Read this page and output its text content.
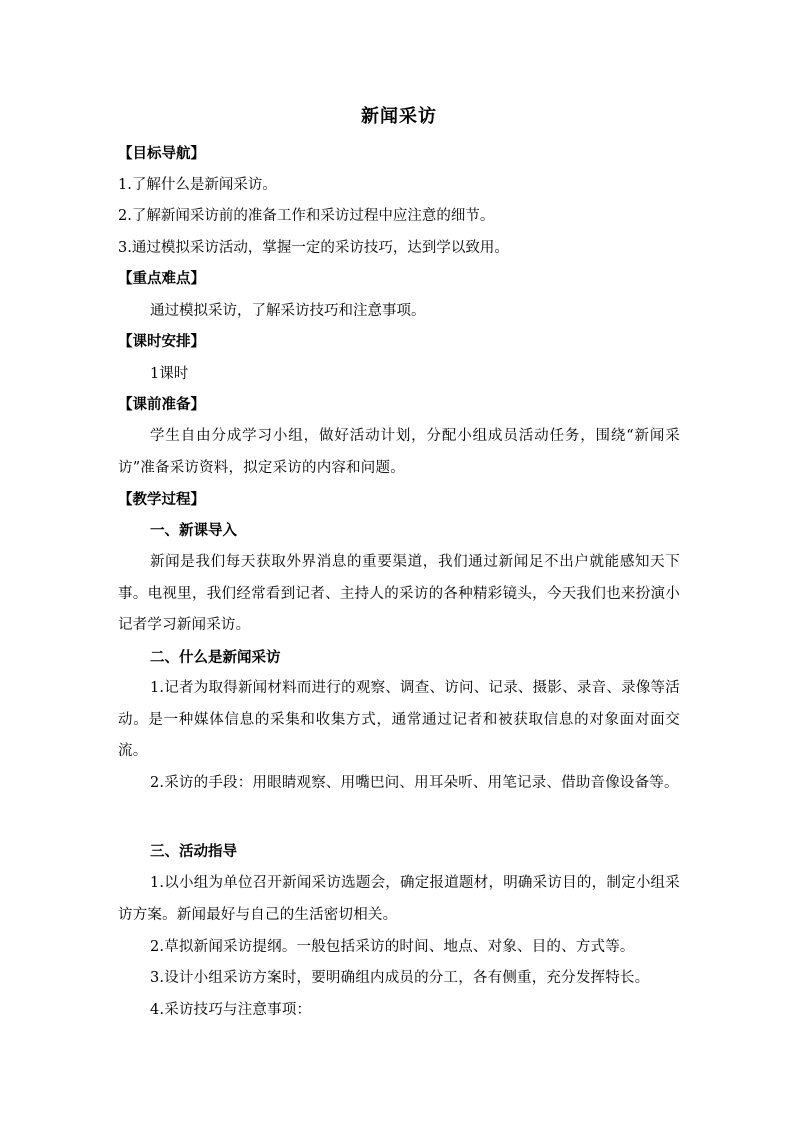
新闻采访
【目标导航】
1.了解什么是新闻采访。
2.了解新闻采访前的准备工作和采访过程中应注意的细节。
3.通过模拟采访活动，掌握一定的采访技巧，达到学以致用。
【重点难点】
通过模拟采访，了解采访技巧和注意事项。
【课时安排】
1课时
【课前准备】
学生自由分成学习小组，做好活动计划，分配小组成员活动任务，围绕“新闻采访”准备采访资料，拟定采访的内容和问题。
【教学过程】
一、新课导入
新闻是我们每天获取外界消息的重要渠道，我们通过新闻足不出户就能感知天下事。电视里，我们经常看到记者、主持人的采访的各种精彩镜头，今天我们也来扮演小记者学习新闻采访。
二、什么是新闻采访
1.记者为取得新闻材料而进行的观察、调查、访问、记录、摄影、录音、录像等活动。是一种媒体信息的采集和收集方式，通常通过记者和被获取信息的对象面对面交流。
2.采访的手段：用眼睛观察、用嘴巴问、用耳朵听、用笔记录、借助音像设备等。
三、活动指导
1.以小组为单位召开新闻采访选题会，确定报道题材，明确采访目的，制定小组采访方案。新闻最好与自己的生活密切相关。
2.草拟新闻采访提纲。一般包括采访的时间、地点、对象、目的、方式等。
3.设计小组采访方案时，要明确组内成员的分工，各有侧重，充分发挥特长。
4.采访技巧与注意事项：
